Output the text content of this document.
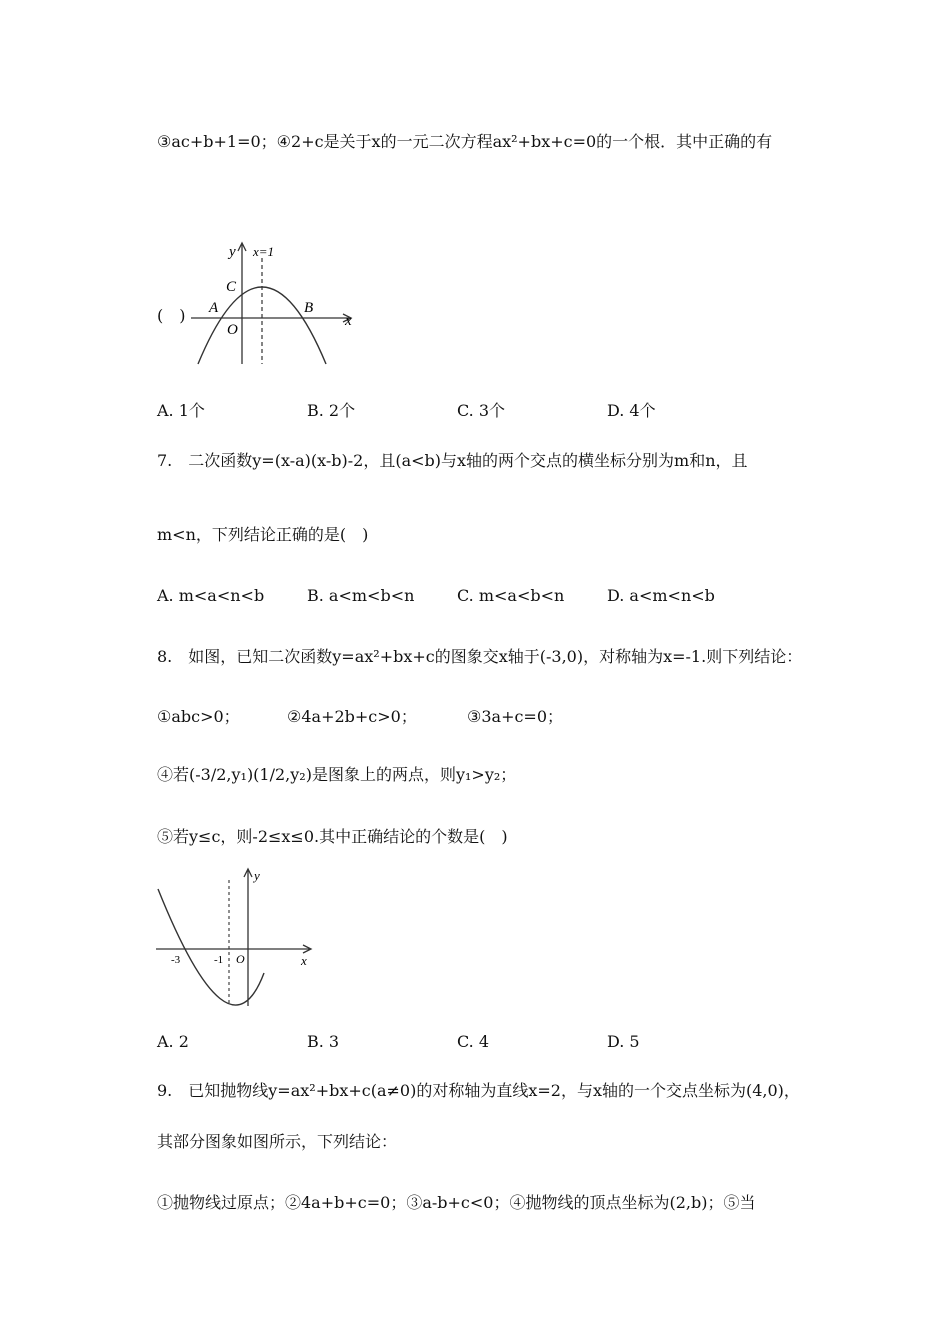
③ac+b+1=0；④2+c是关于x的一元二次方程ax²+bx+c=0的一个根．其中正确的有
(　)
y x=1
C
A	B
O
x
A. 1个	B. 2个	C. 3个	D. 4个
7.　二次函数y=(x-a)(x-b)-2，且(a<b)与x轴的两个交点的横坐标分别为m和n，且
m<n，下列结论正确的是(　)
A. m<a<n<b	B. a<m<b<n	C. m<a<b<n	D. a<m<n<b
8.　如图，已知二次函数y=ax²+bx+c的图象交x轴于(-3,0)，对称轴为x=-1.则下列结论：
①abc>0；	②4a+2b+c>0；	③3a+c=0；
④若(-3/2,y₁)(1/2,y₂)是图象上的两点，则y₁>y₂；
⑤若y≤c，则-2≤x≤0.其中正确结论的个数是(　)
y
-3	-1 O	x
A. 2	B. 3	C. 4	D. 5
9.　已知抛物线y=ax²+bx+c(a≠0)的对称轴为直线x=2，与x轴的一个交点坐标为(4,0)，
其部分图象如图所示，下列结论：
①抛物线过原点；②4a+b+c=0；③a-b+c<0；④抛物线的顶点坐标为(2,b)；⑤当
